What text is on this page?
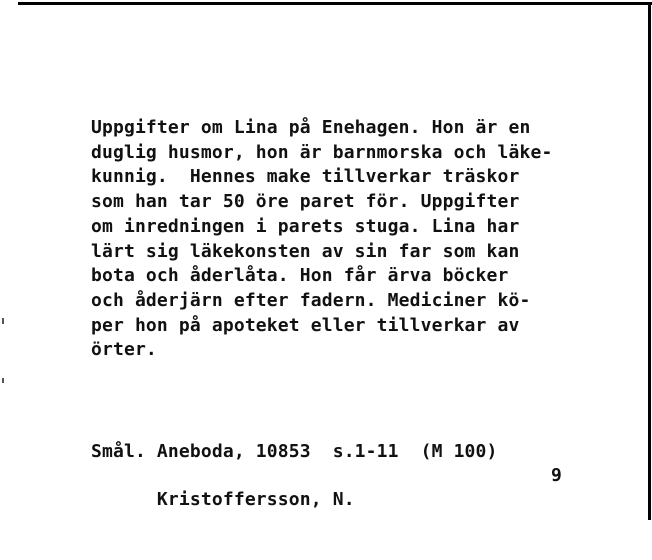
Uppgifter om Lina på Enehagen. Hon är en
duglig husmor, hon är barnmorska och läke-
kunnig.  Hennes make tillverkar träskor
som han tar 50 öre paret för. Uppgifter
om inredningen i parets stuga. Lina har
lärt sig läkekonsten av sin far som kan
bota och åderlåta. Hon får ärva böcker
och åderjärn efter fadern. Mediciner kö-
per hon på apoteket eller tillverkar av
örter.
Smål. Aneboda, 10853  s.1-11  (M 100)

Kristoffersson, N.

9
